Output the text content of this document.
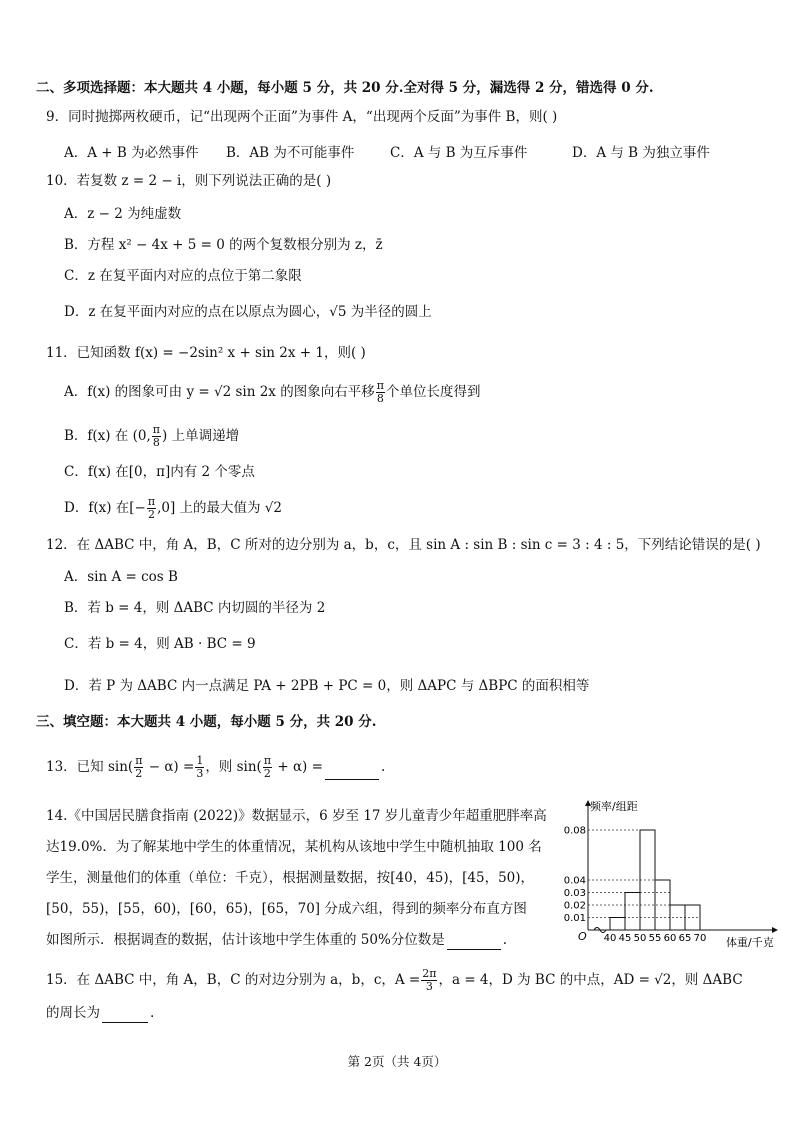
二、多项选择题：本大题共 4 小题，每小题 5 分，共 20 分.全对得 5 分，漏选得 2 分，错选得 0 分.
9．同时抛掷两枚硬币，记“出现两个正面”为事件 A，“出现两个反面”为事件 B，则( )
A．A + B 为必然事件 B．AB 为不可能事件	C．A 与 B 为互斥事件	D．A 与 B 为独立事件
10．若复数 z = 2 − i，则下列说法正确的是( )
A．z − 2 为纯虚数
B．方程 x² − 4x + 5 = 0 的两个复数根分别为 z，z̄
C．z 在复平面内对应的点位于第二象限
D．z 在复平面内对应的点在以原点为圆心，√5 为半径的圆上
11．已知函数 f(x) = −2sin² x + sin 2x + 1，则( )
A．f(x) 的图象可由 y = √2 sin 2x 的图象向右平移 $\frac{\pi}{8}$ 个单位长度得到
B．f(x) 在 (0, $\frac{\pi}{8}$ ) 上单调递增
C．f(x) 在[0，π]内有 2 个零点
D．f(x) 在[− $\frac{\pi}{2} ,0$] 上的最大值为 √2
12．在 ΔABC 中，角 A，B，C 所对的边分别为 a，b，c，且 sin A : sin B : sin c = 3 : 4 : 5，下列结论错误的是( )
A．sin A = cos B
B．若 b = 4，则 ΔABC 内切圆的半径为 2
C．若 b = 4，则 AB · BC = 9
D．若 P 为 ΔABC 内一点满足 PA + 2PB + PC = 0，则 ΔAPC 与 ΔBPC 的面积相等
三、填空题：本大题共 4 小题，每小题 5 分，共 20 分.
13．已知 $\sin( \frac{\pi}{2} - \alpha) = \frac{1}{3}$ ，则 $\sin( \frac{\pi}{2} + \alpha)$ =	.
14.《中国居民膳食指南 (2022)》数据显示，6 岁至 17 岁儿童青少年超重肥胖率高
达19.0%．为了解某地中学生的体重情况，某机构从该地中学生中随机抽取 100 名
学生，测量他们的体重（单位：千克），根据测量数据，按[40，45)，[45，50)，
[50，55)，[55，60)，[60，65)，[65，70] 分成六组，得到的频率分布直方图
如图所示．根据调查的数据，估计该地中学生体重的 50%分位数是	.
频率/组距
体重/千克
O
0.08
0.04
0.03
0.02
0.01
40 45 50 55 60 65 70
15．在 ΔABC 中，角 A，B，C 的对边分别为 a，b，c，$A = \frac{2\pi}{3}$ ，a = 4，D 为 BC 的中点，AD = √2，则 ΔABC
的周长为	.
第 2页（共 4页）
